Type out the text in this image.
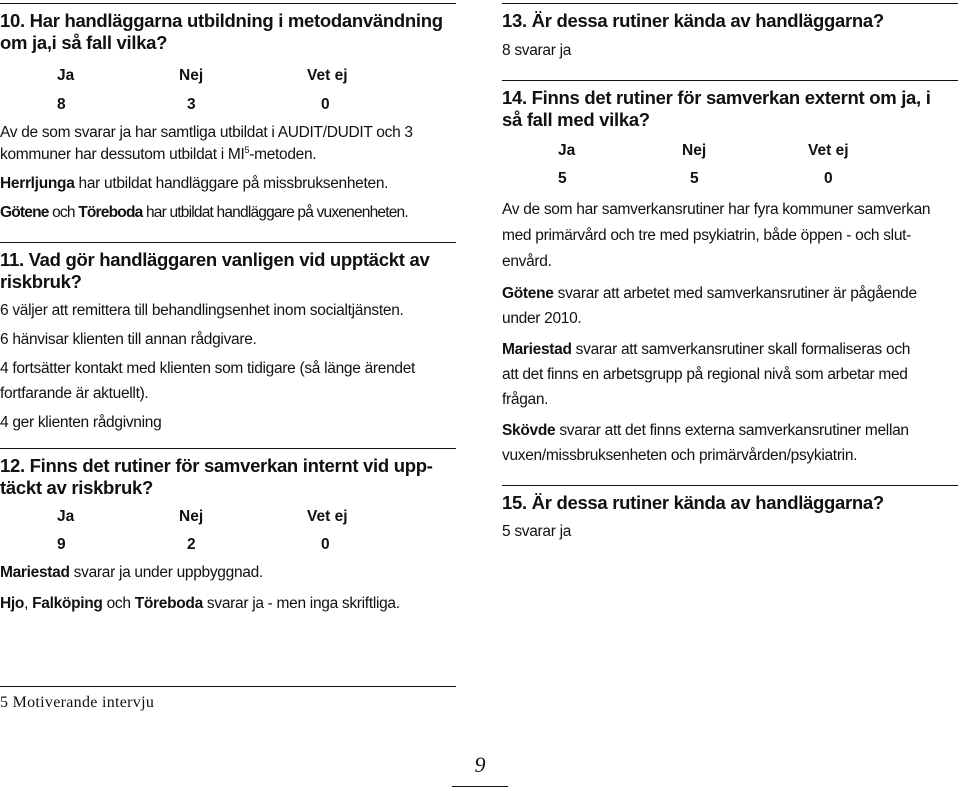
10. Har handläggarna utbildning i metodanvändning
om ja,i så fall vilka?

Ja	Nej	Vet ej
8	3	0

Av de som svarar ja har samtliga utbildat i AUDIT/DUDIT och 3
kommuner har dessutom utbildat i $MI^5$-metoden.

Herrljunga har utbildat handläggare på missbruksenheten.

Götene och Töreboda har utbildat handläggare på vuxenenheten.

11. Vad gör handläggaren vanligen vid upptäckt av
riskbruk?

6 väljer att remittera till behandlingsenhet inom socialtjänsten.

6 hänvisar klienten till annan rådgivare.

4 fortsätter kontakt med klienten som tidigare (så länge ärendet
fortfarande är aktuellt).

4 ger klienten rådgivning

12. Finns det rutiner för samverkan internt vid upp-
täckt av riskbruk?

Ja	Nej	Vet ej
9	2	0

Mariestad svarar ja under uppbyggnad.

Hjo, Falköping och Töreboda svarar ja - men inga skriftliga.

5 Motiverande intervju

13. Är dessa rutiner kända av handläggarna?

8 svarar ja

14. Finns det rutiner för samverkan externt om ja, i
så fall med vilka?

Ja	Nej	Vet ej
5	5	0

Av de som har samverkansrutiner har fyra kommuner samverkan
med primärvård och tre med psykiatrin, både öppen - och slut-
envård.

Götene svarar att arbetet med samverkansrutiner är pågående
under 2010.

Mariestad svarar att samverkansrutiner skall formaliseras och
att det finns en arbetsgrupp på regional nivå som arbetar med
frågan.

Skövde svarar att det finns externa samverkansrutiner mellan
vuxen/missbruksenheten och primärvården/psykiatrin.

15. Är dessa rutiner kända av handläggarna?

5 svarar ja

9
